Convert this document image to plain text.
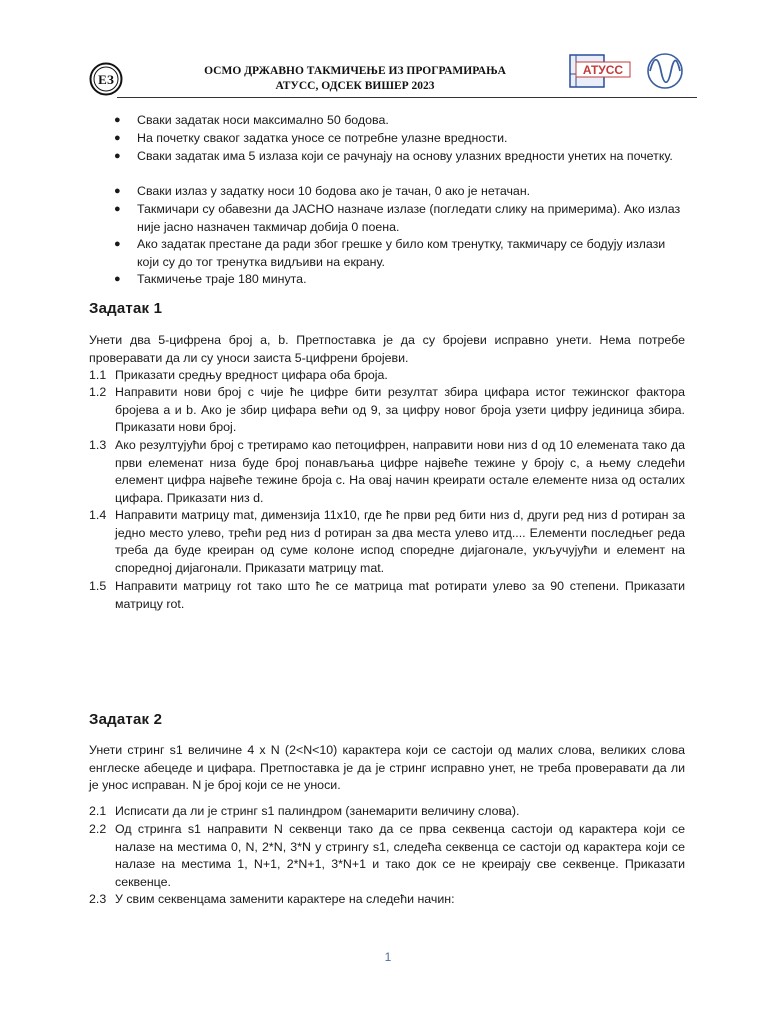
ЕЗ
ОСМО ДРЖАВНО ТАКМИЧЕЊЕ ИЗ ПРОГРАМИРАЊА
АТУСС, ОДСЕК ВИШЕР 2023
АТУСС
● Сваки задатак носи максимално 50 бодова.
● На почетку сваког задатка уносе се потребне улазне вредности.
● Сваки задатак има 5 излаза који се рачунају на основу улазних вредности унетих на почетку.
● Сваки излаз у задатку носи 10 бодова ако је тачан, 0 ако је нетачан.
● Такмичари су обавезни да ЈАСНО назначе излазе (погледати слику на примерима). Ако излаз није јасно назначен такмичар добија 0 поена.
● Ако задатак престане да ради због грешке у било ком тренутку, такмичару се бодују излази који су до тог тренутка видљиви на екрану.
● Такмичење траје 180 минута.
Задатак 1
Унети два 5-цифрена број a, b. Претпоставка је да су бројеви исправно унети. Нема потребе проверавати да ли су уноси заиста 5-цифрени бројеви.
1.1 Приказати средњу вредност цифара оба броја.
1.2 Направити нови број c чије ће цифре бити резултат збира цифара истог тежинског фактора бројева a и b. Ако је збир цифара већи од 9, за цифру новог броја узети цифру јединица збира. Приказати нови број.
1.3 Ако резултујући број c третирамо као петоцифрен, направити нови низ d од 10 елемената тако да први елеменат низа буде број понављања цифре највеће тежине у броју c, а њему следећи елемент цифра највеће тежине броја c. На овај начин креирати остале елементе низа од осталих цифара. Приказати низ d.
1.4 Направити матрицу mat, димензија 11x10, где ће први ред бити низ d, други ред низ d ротиран за једно место улево, трећи ред низ d ротиран за два места улево итд.... Елементи последњег реда треба да буде креиран од суме колоне испод споредне дијагонале, укључујући и елемент на споредној дијагонали. Приказати матрицу mat.
1.5 Направити матрицу rot тако што ће се матрица mat ротирати улево за 90 степени. Приказати матрицу rot.
Задатак 2
Унети стринг s1 величине 4 x N (2<N<10) карактера који се састоји од малих слова, великих слова енглеске абецеде и цифара. Претпоставка је да је стринг исправно унет, не треба проверавати да ли је унос исправан. N је број који се не уноси.
2.1 Исписати да ли је стринг s1 палиндром (занемарити величину слова).
2.2 Од стринга s1 направити N секвенци тако да се прва секвенца састоји од карактера који се налазе на местима 0, N, 2*N, 3*N у стрингу s1, следећа секвенца се састоји од карактера који се налазе на местима 1, N+1, 2*N+1, 3*N+1 и тако док се не креирају све секвенце. Приказати секвенце.
2.3 У свим секвенцама заменити карактере на следећи начин:
1
